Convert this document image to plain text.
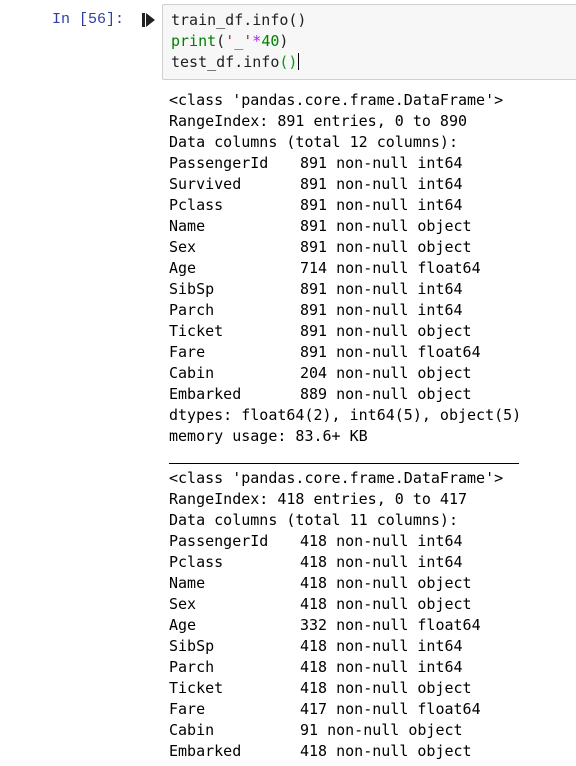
In [56]:	train_df.info()
print('_'*40)
test_df.info()
<class 'pandas.core.frame.DataFrame'>
RangeIndex: 891 entries, 0 to 890
Data columns (total 12 columns):
PassengerId 891 non-null int64
Survived	891 non-null int64
Pclass	891 non-null int64
Name	891 non-null object
Sex	891 non-null object
Age	714 non-null float64
SibSp	891 non-null int64
Parch	891 non-null int64
Ticket	891 non-null object
Fare	891 non-null float64
Cabin	204 non-null object
Embarked	889 non-null object
dtypes: float64(2), int64(5), object(5)
memory usage: 83.6+ KB
<class 'pandas.core.frame.DataFrame'>
RangeIndex: 418 entries, 0 to 417
Data columns (total 11 columns):
PassengerId 418 non-null int64
Pclass	418 non-null int64
Name	418 non-null object
Sex	418 non-null object
Age	332 non-null float64
SibSp	418 non-null int64
Parch	418 non-null int64
Ticket	418 non-null object
Fare	417 non-null float64
Cabin	91 non-null object
Embarked	418 non-null object
